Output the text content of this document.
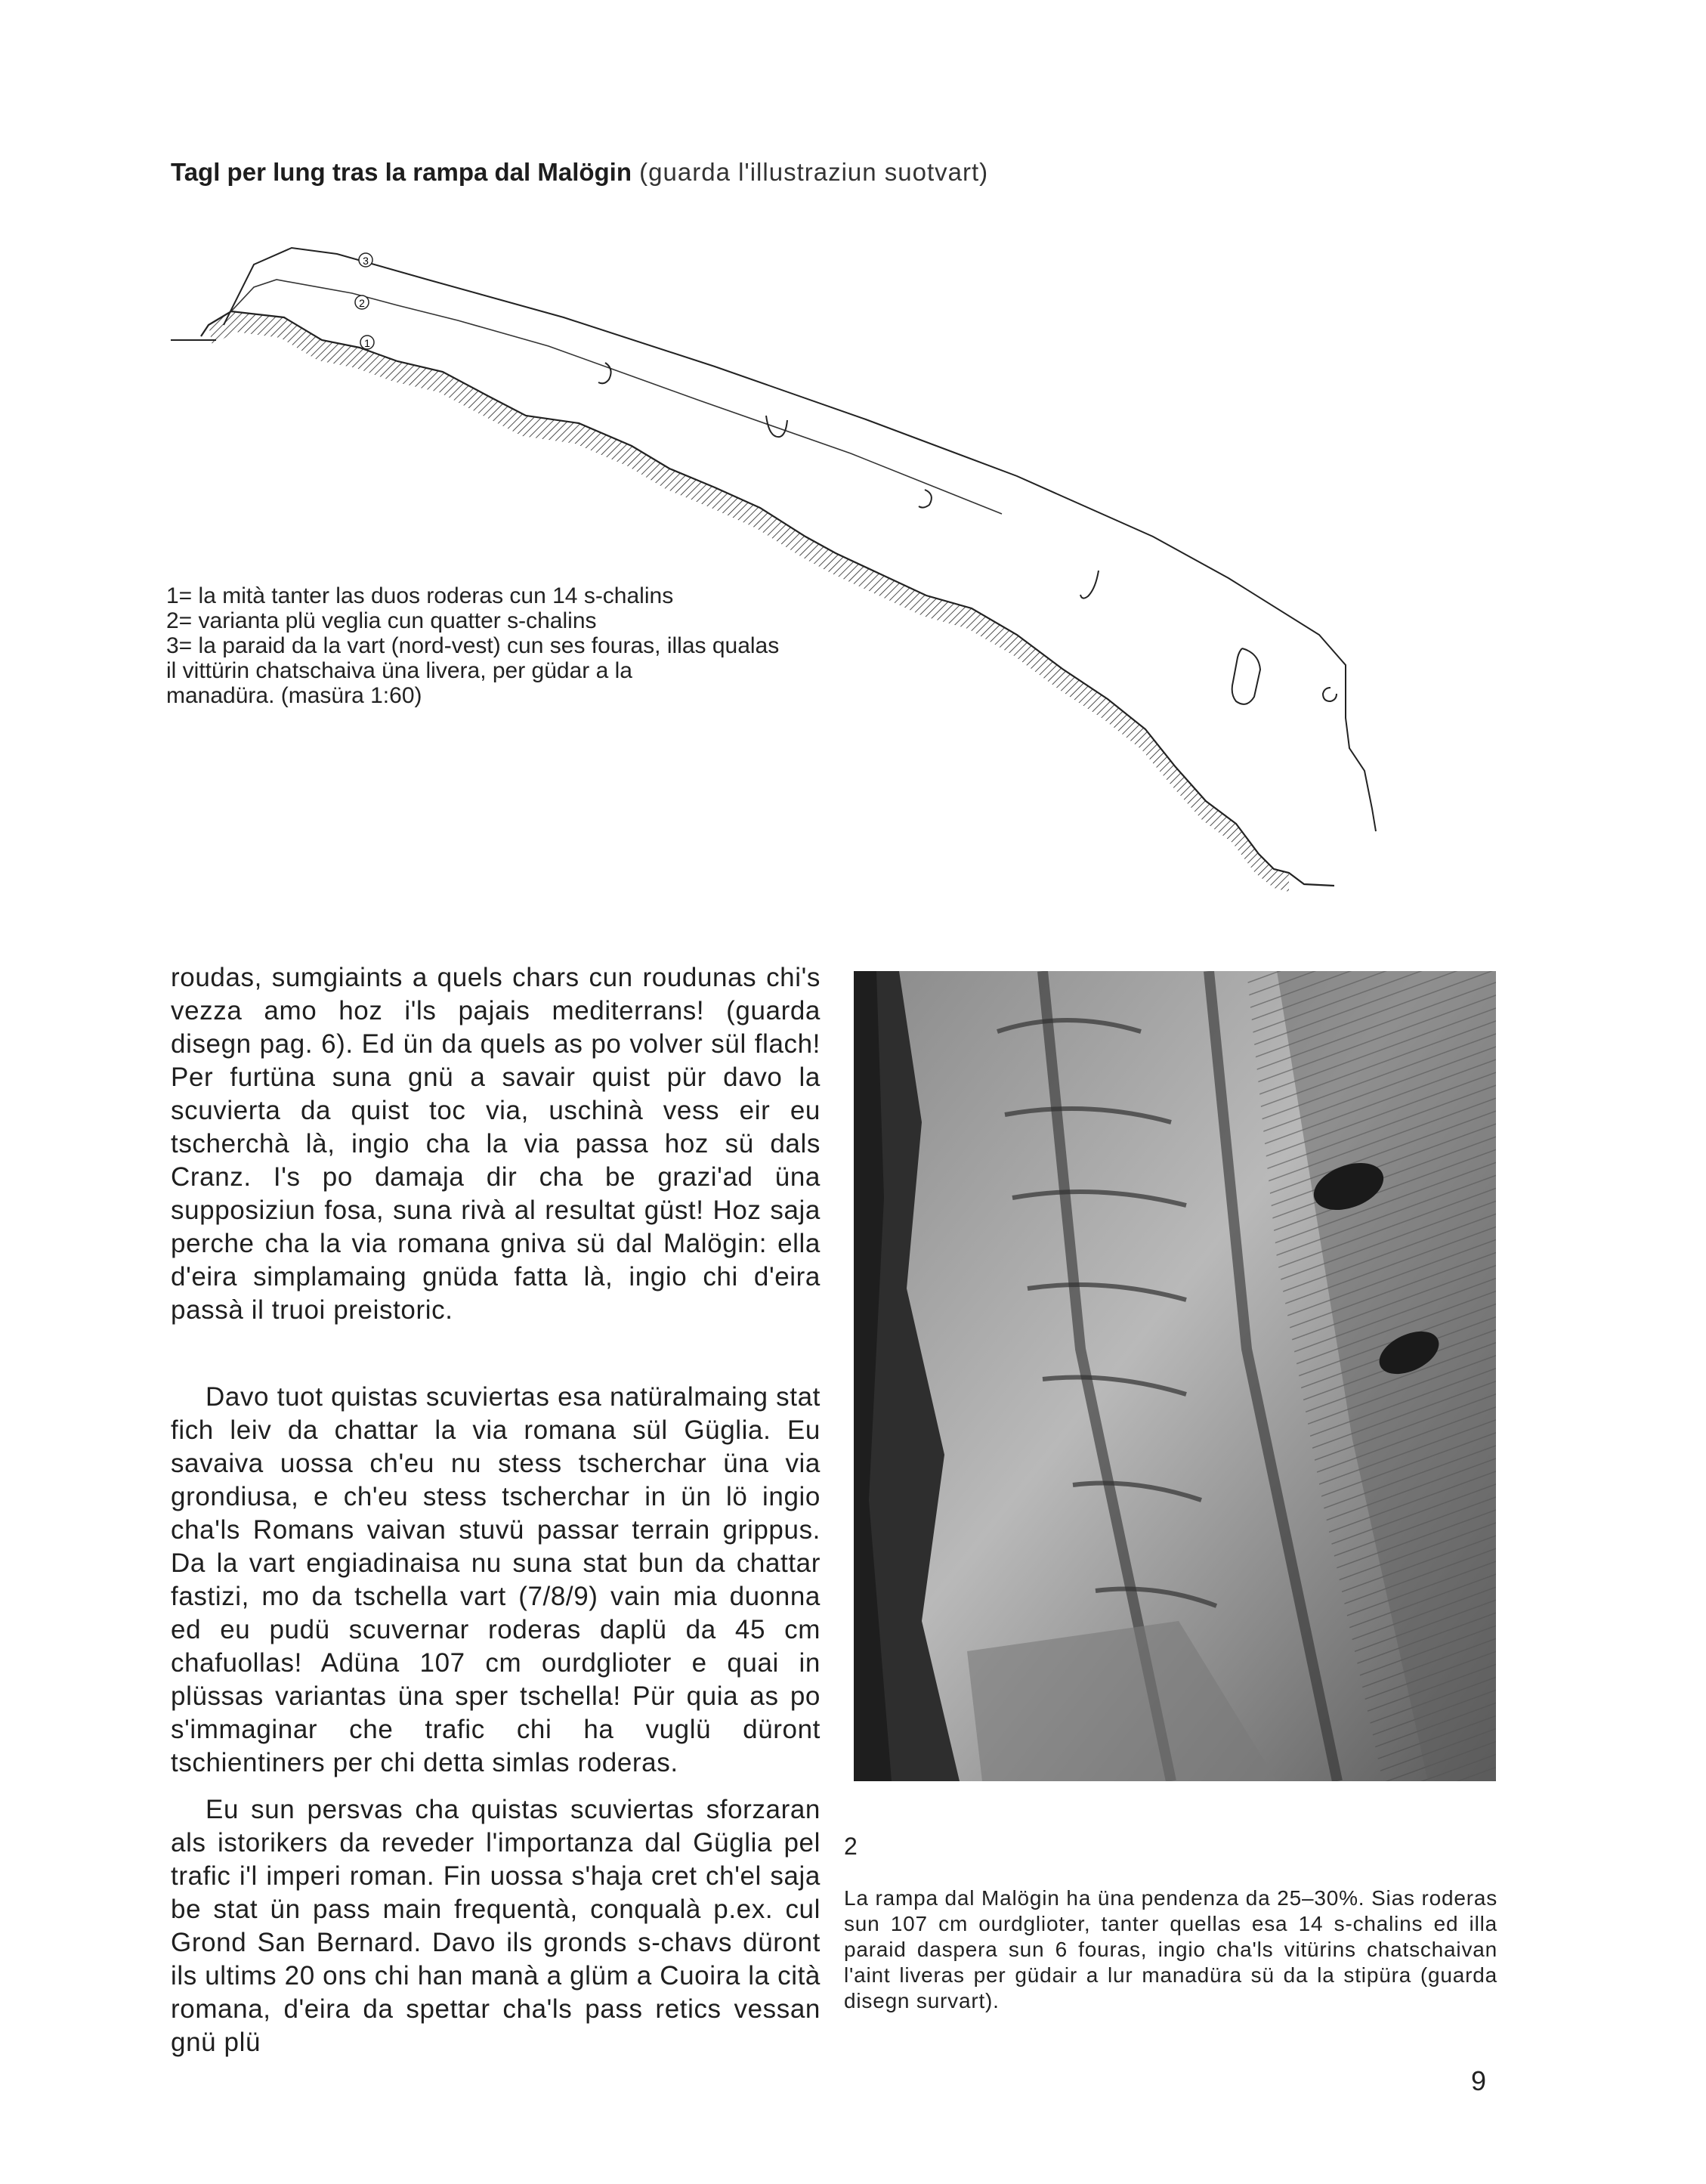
Tagl per lung tras la rampa dal Malögin (guarda l'illustraziun suotvart)
3
2
1
1= la mità tanter las duos roderas cun 14 s-chalins
2= varianta plü veglia cun quatter s-chalins
3= la paraid da la vart (nord-vest) cun ses fouras, illas qualas
il vittürin chatschaiva üna livera, per güdar a la
manadüra. (masüra 1:60)

roudas, sumgiaints a quels chars cun roudunas chi's vezza amo hoz i'ls pajais mediterrans! (guarda disegn pag. 6). Ed ün da quels as po volver sül flach! Per furtüna suna gnü a savair quist pür davo la scuvierta da quist toc via, uschinà vess eir eu tscherchà là, ingio cha la via passa hoz sü dals Cranz. I's po damaja dir cha be grazi'ad üna supposiziun fosa, suna rivà al resultat güst! Hoz saja perche cha la via romana gniva sü dal Malögin: ella d'eira simplamaing gnüda fatta là, ingio chi d'eira passà il truoi preistoric.

Davo tuot quistas scuviertas esa natüralmaing stat fich leiv da chattar la via romana sül Güglia. Eu savaiva uossa ch'eu nu stess tscherchar üna via grondiusa, e ch'eu stess tscherchar in ün lö ingio cha'ls Romans vaivan stuvü passar terrain grippus. Da la vart engiadinaisa nu suna stat bun da chattar fastizi, mo da tschella vart (7/8/9) vain mia duonna ed eu pudü scuvernar roderas daplü da 45 cm chafuollas! Adüna 107 cm ourdglioter e quai in plüssas variantas üna sper tschella! Pür quia as po s'immaginar che trafic chi ha vuglü düront tschientiners per chi detta simlas roderas.

Eu sun persvas cha quistas scuviertas sforzaran als istorikers da reveder l'importanza dal Güglia pel trafic i'l imperi roman. Fin uossa s'haja cret ch'el saja be stat ün pass main frequentà, conqualà p.ex. cul Grond San Bernard. Davo ils gronds s-chavs düront ils ultims 20 ons chi han manà a glüm a Cuoira la cità romana, d'eira da spettar cha'ls pass retics vessan gnü plü

2
La rampa dal Malögin ha üna pendenza da 25–30%. Sias roderas sun 107 cm ourdglioter, tanter quellas esa 14 s-chalins ed illa paraid daspera sun 6 fouras, ingio cha'ls vitürins chatschaivan l'aint liveras per güdair a lur manadüra sü da la stipüra (guarda disegn survart).
9
